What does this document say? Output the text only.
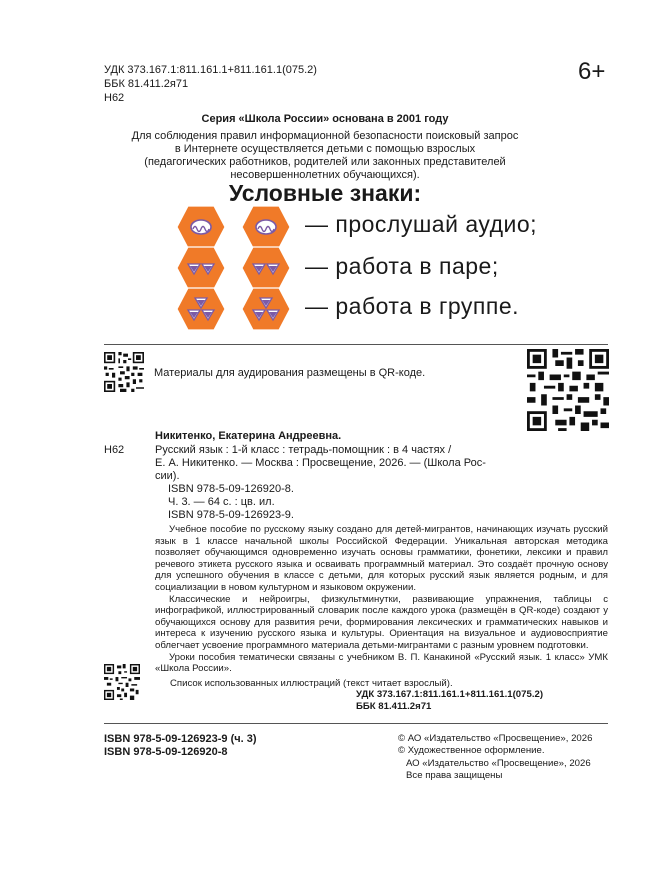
УДК 373.167.1:811.161.1+811.161.1(075.2)
ББК 81.411.2я71
Н62
6+
Серия «Школа России» основана в 2001 году
Для соблюдения правил информационной безопасности поисковый запрос
в Интернете осуществляется детьми с помощью взрослых
(педагогических работников, родителей или законных представителей
несовершеннолетних обучающихся).
Условные знаки:
— прослушай аудио;
— работа в паре;
— работа в группе.
Материалы для аудирования размещены в QR-коде.
Никитенко, Екатерина Андреевна.
Н62	Русский язык : 1-й класс : тетрадь-помощник : в 4 частях /
Е. А. Никитенко. — Москва : Просвещение, 2026. — (Школа Рос-
сии).
ISBN 978-5-09-126920-8.
Ч. 3. — 64 с. : цв. ил.
ISBN 978-5-09-126923-9.

Учебное пособие по русскому языку создано для детей-мигрантов, начинающих изучать русский язык в 1 классе начальной школы Российской Федерации. Уникальная авторская методика позволяет обучающимся одновременно изучать основы грамматики, фонетики, лексики и правил речевого этикета русского языка и осваивать программный материал. Это создаёт прочную основу для успешного обучения в классе с детьми, для которых русский язык является родным, и для социализации в новом культурном и языковом окружении.

Классические и нейроигры, физкультминутки, развивающие упражнения, таблицы с инфографикой, иллюстрированный словарик после каждого урока (размещён в QR-коде) создают у обучающихся основу для развития речи, формирования лексических и грамматических навыков и интереса к изучению русского языка и культуры. Ориентация на визуальное и аудиовосприятие облегчает усвоение программного материала детьми-мигрантами с разным уровнем подготовки.

Уроки пособия тематически связаны с учебником В. П. Канакиной «Русский язык. 1 класс» УМК «Школа России».

Список использованных иллюстраций (текст читает взрослый).
УДК 373.167.1:811.161.1+811.161.1(075.2)
ББК 81.411.2я71
ISBN 978-5-09-126923-9 (ч. 3)
ISBN 978-5-09-126920-8
© АО «Издательство «Просвещение», 2026
© Художественное оформление.
АО «Издательство «Просвещение», 2026
Все права защищены
